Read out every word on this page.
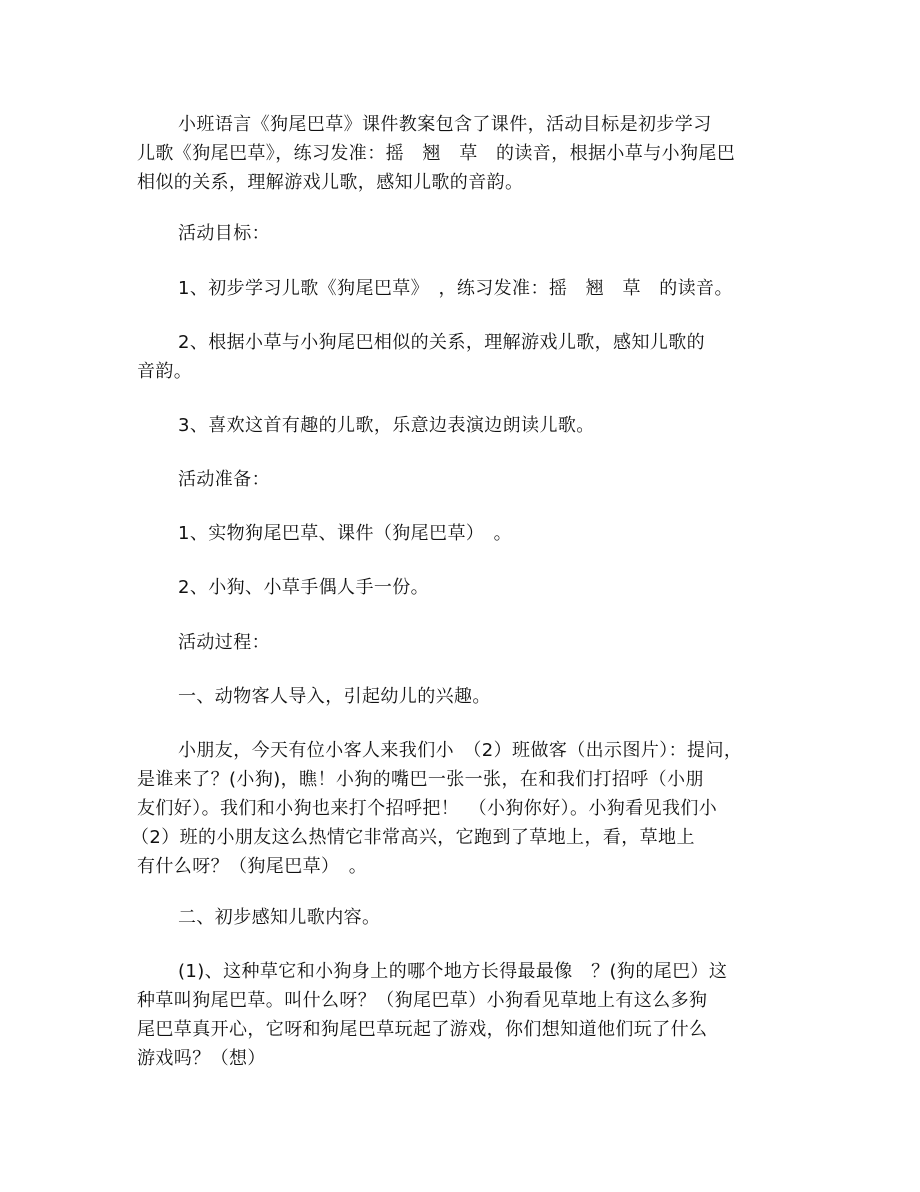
小班语言《狗尾巴草》课件教案包含了课件，活动目标是初步学习
儿歌《狗尾巴草》，练习发准：摇　翘　草　的读音，根据小草与小狗尾巴
相似的关系，理解游戏儿歌，感知儿歌的音韵。
活动目标：
1、初步学习儿歌《狗尾巴草》　，练习发准：摇　翘　草　的读音。
2、根据小草与小狗尾巴相似的关系，理解游戏儿歌，感知儿歌的
音韵。
3、喜欢这首有趣的儿歌，乐意边表演边朗读儿歌。
活动准备：
1、实物狗尾巴草、课件（狗尾巴草）　。
2、小狗、小草手偶人手一份。
活动过程：
一、动物客人导入，引起幼儿的兴趣。
小朋友，今天有位小客人来我们小　（2）班做客（出示图片）：提问，
是谁来了？(小狗)，瞧！小狗的嘴巴一张一张，在和我们打招呼（小朋
友们好）。我们和小狗也来打个招呼把！　（小狗你好）。小狗看见我们小
（2）班的小朋友这么热情它非常高兴，它跑到了草地上，看，草地上
有什么呀？（狗尾巴草）　。
二、初步感知儿歌内容。
(1)、这种草它和小狗身上的哪个地方长得最最像　？(狗的尾巴）这
种草叫狗尾巴草。叫什么呀？（狗尾巴草）小狗看见草地上有这么多狗
尾巴草真开心，它呀和狗尾巴草玩起了游戏，你们想知道他们玩了什么
游戏吗？（想）
